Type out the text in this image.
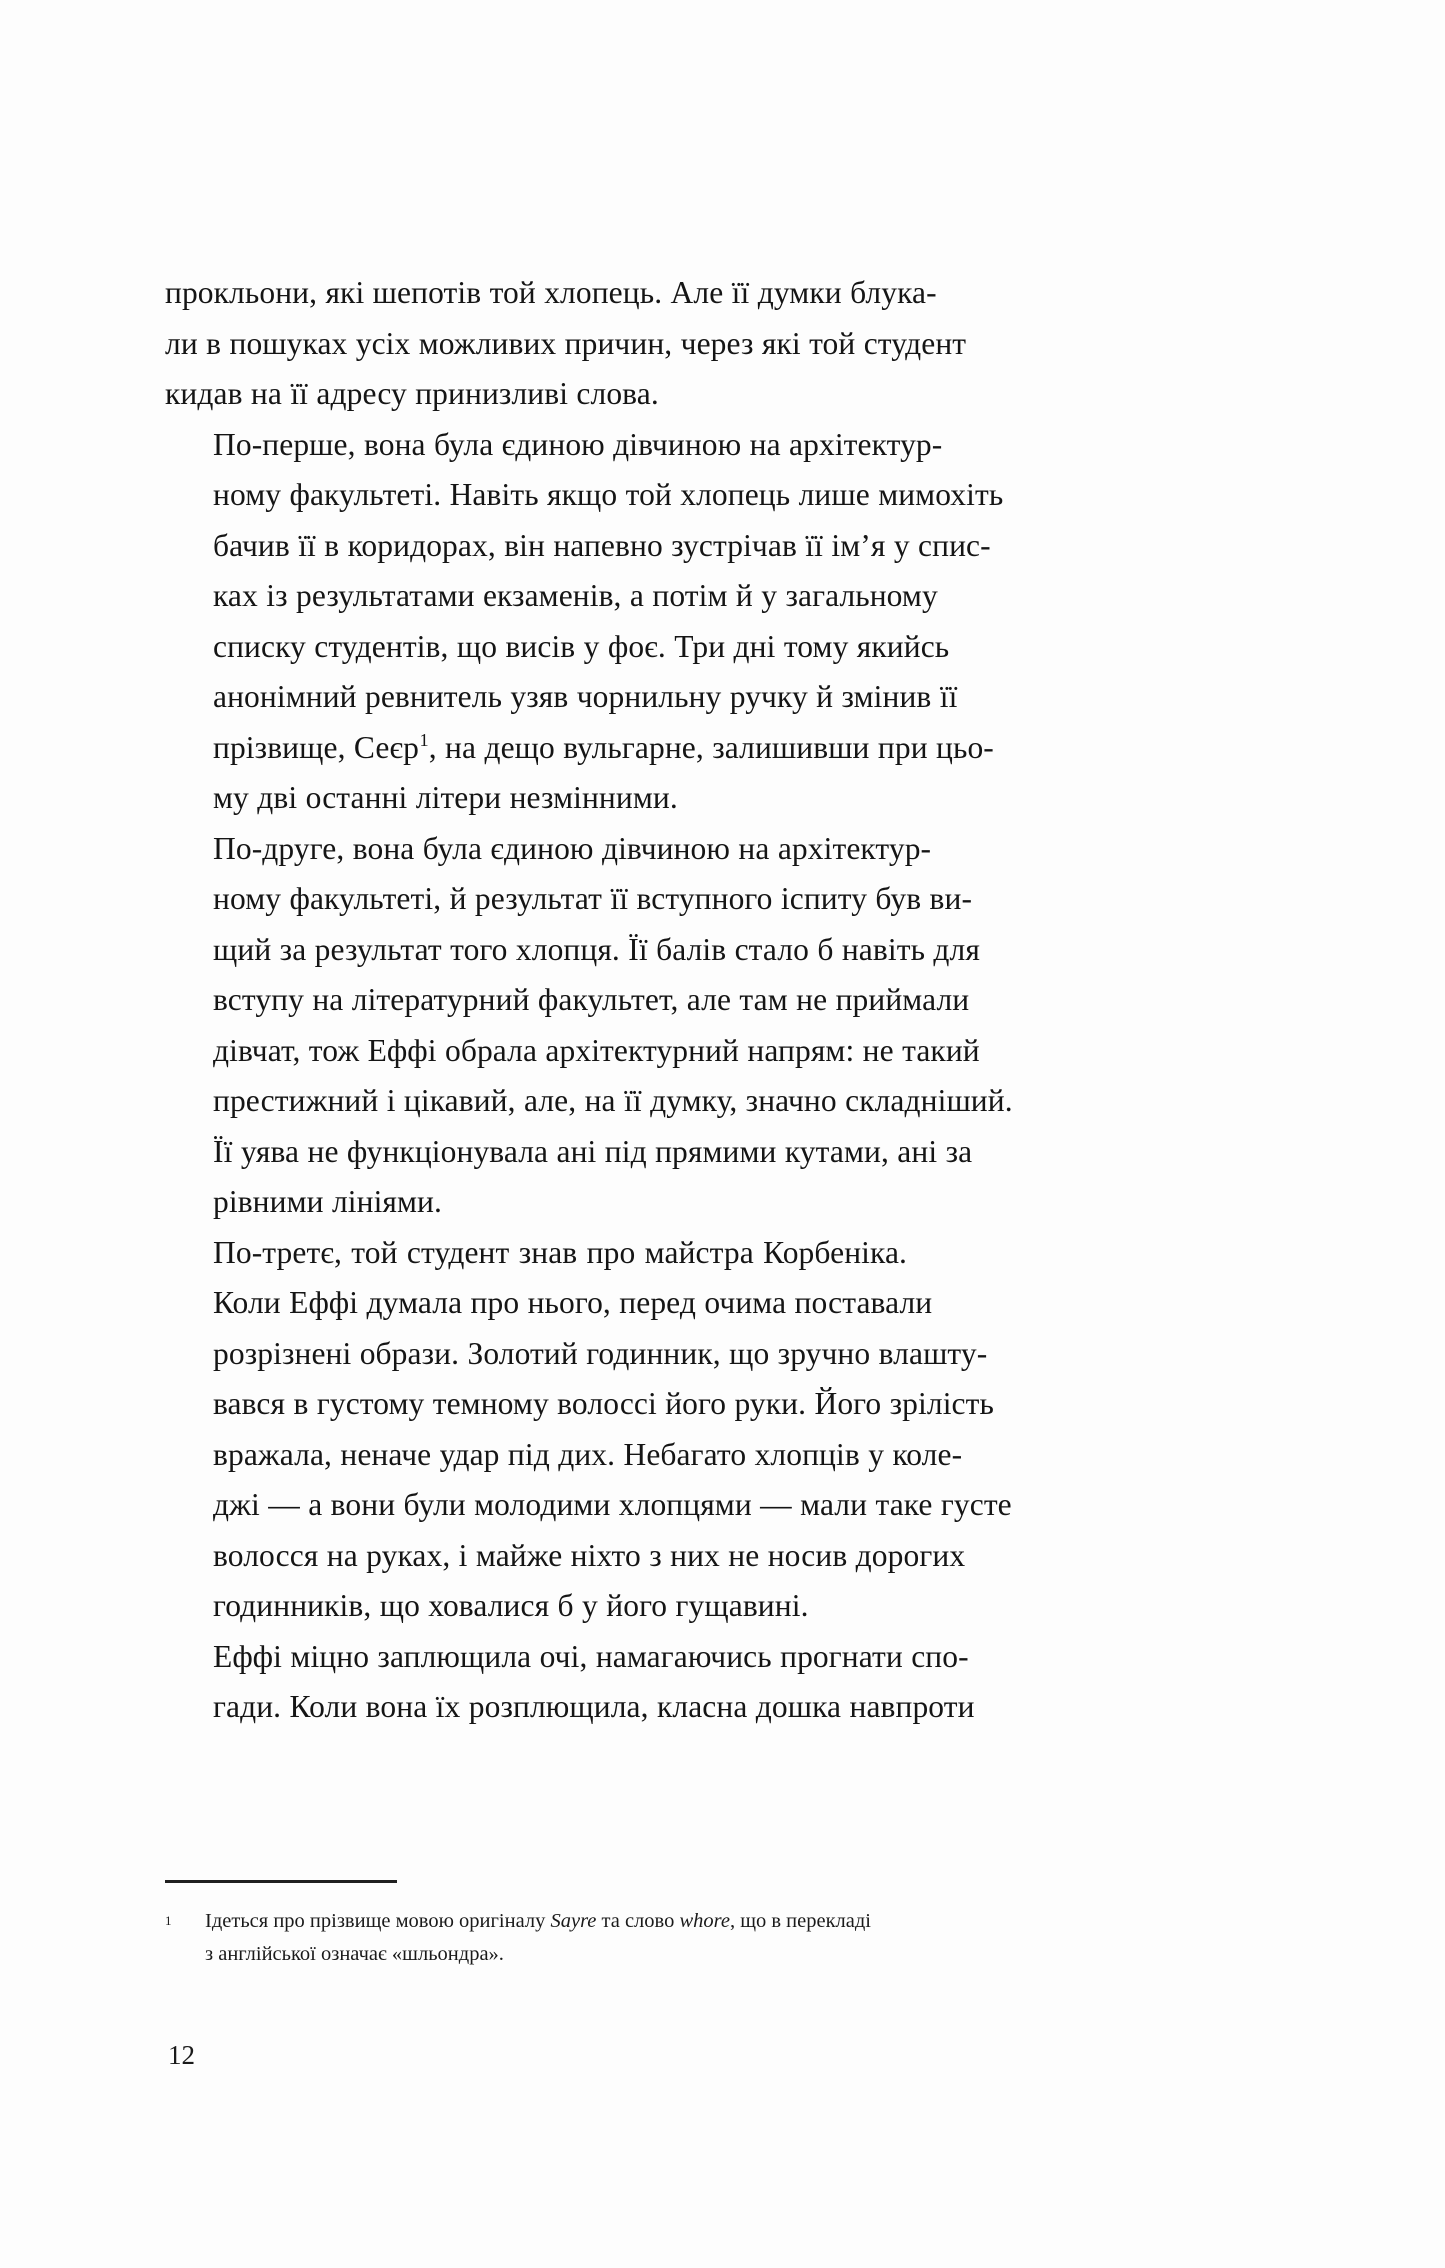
прокльони, які шепотів той хлопець. Але її думки блука-
ли в пошуках усіх можливих причин, через які той студент
кидав на її адресу принизливі слова.

По-перше, вона була єдиною дівчиною на архітектур-
ному факультеті. Навіть якщо той хлопець лише мимохіть
бачив її в коридорах, він напевно зустрічав її ім’я у спис-
ках із результатами екзаменів, а потім й у загальному
списку студентів, що висів у фоє. Три дні тому якийсь
анонімний ревнитель узяв чорнильну ручку й змінив її
прізвище, Сеєр$^1$, на дещо вульгарне, залишивши при цьо-
му дві останні літери незмінними.

По-друге, вона була єдиною дівчиною на архітектур-
ному факультеті, й результат її вступного іспиту був ви-
щий за результат того хлопця. Її балів стало б навіть для
вступу на літературний факультет, але там не приймали
дівчат, тож Еффі обрала архітектурний напрям: не такий
престижний і цікавий, але, на її думку, значно складніший.
Її уява не функціонувала ані під прямими кутами, ані за
рівними лініями.

По-третє, той студент знав про майстра Корбеніка.
Коли Еффі думала про нього, перед очима поставали
розрізнені образи. Золотий годинник, що зручно влашту-
вався в густому темному волоссі його руки. Його зрілість
вражала, неначе удар під дих. Небагато хлопців у коле-
джі — а вони були молодими хлопцями — мали таке густе
волосся на руках, і майже ніхто з них не носив дорогих
годинників, що ховалися б у його гущавині.

Еффі міцно заплющила очі, намагаючись прогнати спо-
гади. Коли вона їх розплющила, класна дошка навпроти

1 Ідеться про прізвище мовою оригіналу Sayre та слово whore, що в перекладі
з англійської означає «шльондра».
12
